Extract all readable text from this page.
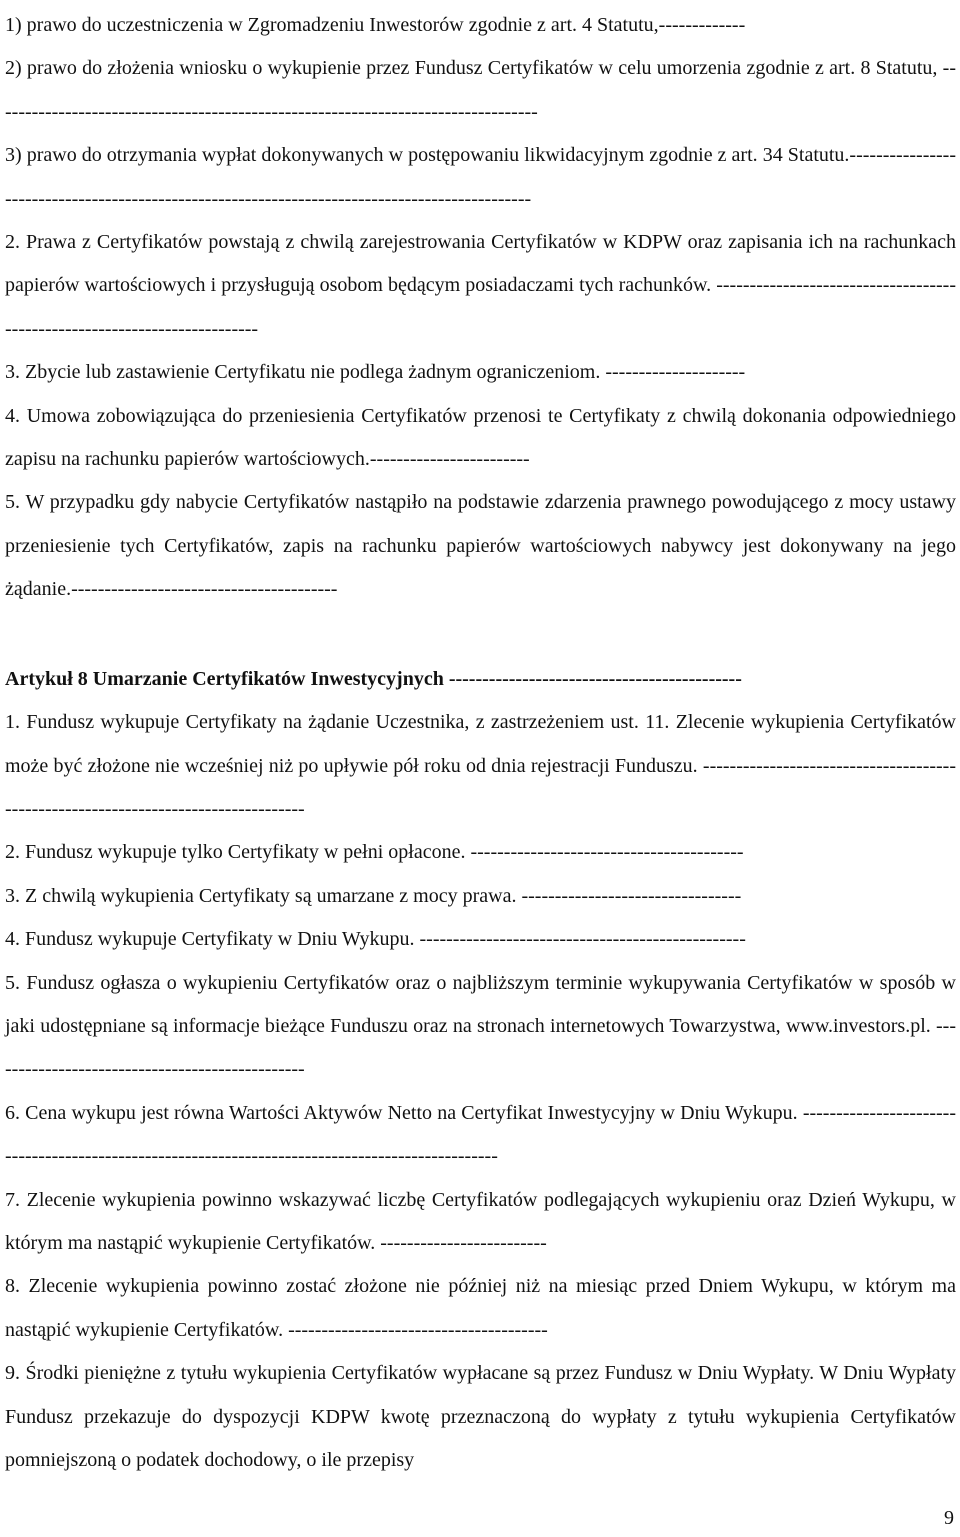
1) prawo do uczestniczenia w Zgromadzeniu Inwestorów zgodnie z art. 4 Statutu,-------------

2) prawo do złożenia wniosku o wykupienie przez Fundusz Certyfikatów w celu umorzenia zgodnie z art. 8 Statutu, ----------------------------------------------------------------------------------

3) prawo do otrzymania wypłat dokonywanych w postępowaniu likwidacyjnym zgodnie z art. 34 Statutu.-----------------------------------------------------------------------------------------------

2. Prawa z Certyfikatów powstają z chwilą zarejestrowania Certyfikatów w KDPW oraz zapisania ich na rachunkach papierów wartościowych i przysługują osobom będącym posiadaczami tych rachunków. --------------------------------------------------------------------------

3. Zbycie lub zastawienie Certyfikatu nie podlega żadnym ograniczeniom. ---------------------

4. Umowa zobowiązująca do przeniesienia Certyfikatów przenosi te Certyfikaty z chwilą dokonania odpowiedniego zapisu na rachunku papierów wartościowych.------------------------

5. W przypadku gdy nabycie Certyfikatów nastąpiło na podstawie zdarzenia prawnego powodującego z mocy ustawy przeniesienie tych Certyfikatów, zapis na rachunku papierów wartościowych nabywcy jest dokonywany na jego żądanie.----------------------------------------

Artykuł 8 Umarzanie Certyfikatów Inwestycyjnych --------------------------------------------

1. Fundusz wykupuje Certyfikaty na żądanie Uczestnika, z zastrzeżeniem ust. 11. Zlecenie wykupienia Certyfikatów może być złożone nie wcześniej niż po upływie pół roku od dnia rejestracji Funduszu. -----------------------------------------------------------------------------------

2. Fundusz wykupuje tylko Certyfikaty w pełni opłacone. -----------------------------------------

3. Z chwilą wykupienia Certyfikaty są umarzane z mocy prawa. ---------------------------------

4. Fundusz wykupuje Certyfikaty w Dniu Wykupu. -------------------------------------------------

5. Fundusz ogłasza o wykupieniu Certyfikatów oraz o najbliższym terminie wykupywania Certyfikatów w sposób w jaki udostępniane są informacje bieżące Funduszu oraz na stronach internetowych Towarzystwa, www.investors.pl. ------------------------------------------------

6. Cena wykupu jest równa Wartości Aktywów Netto na Certyfikat Inwestycyjny w Dniu Wykupu. -------------------------------------------------------------------------------------------------

7. Zlecenie wykupienia powinno wskazywać liczbę Certyfikatów podlegających wykupieniu oraz Dzień Wykupu, w którym ma nastąpić wykupienie Certyfikatów. -------------------------

8. Zlecenie wykupienia powinno zostać złożone nie później niż na miesiąc przed Dniem Wykupu, w którym ma nastąpić wykupienie Certyfikatów. ---------------------------------------

9. Środki pieniężne z tytułu wykupienia Certyfikatów wypłacane są przez Fundusz w Dniu Wypłaty. W Dniu Wypłaty Fundusz przekazuje do dyspozycji KDPW kwotę przeznaczoną do wypłaty z tytułu wykupienia Certyfikatów pomniejszoną o podatek dochodowy, o ile przepisy

9
